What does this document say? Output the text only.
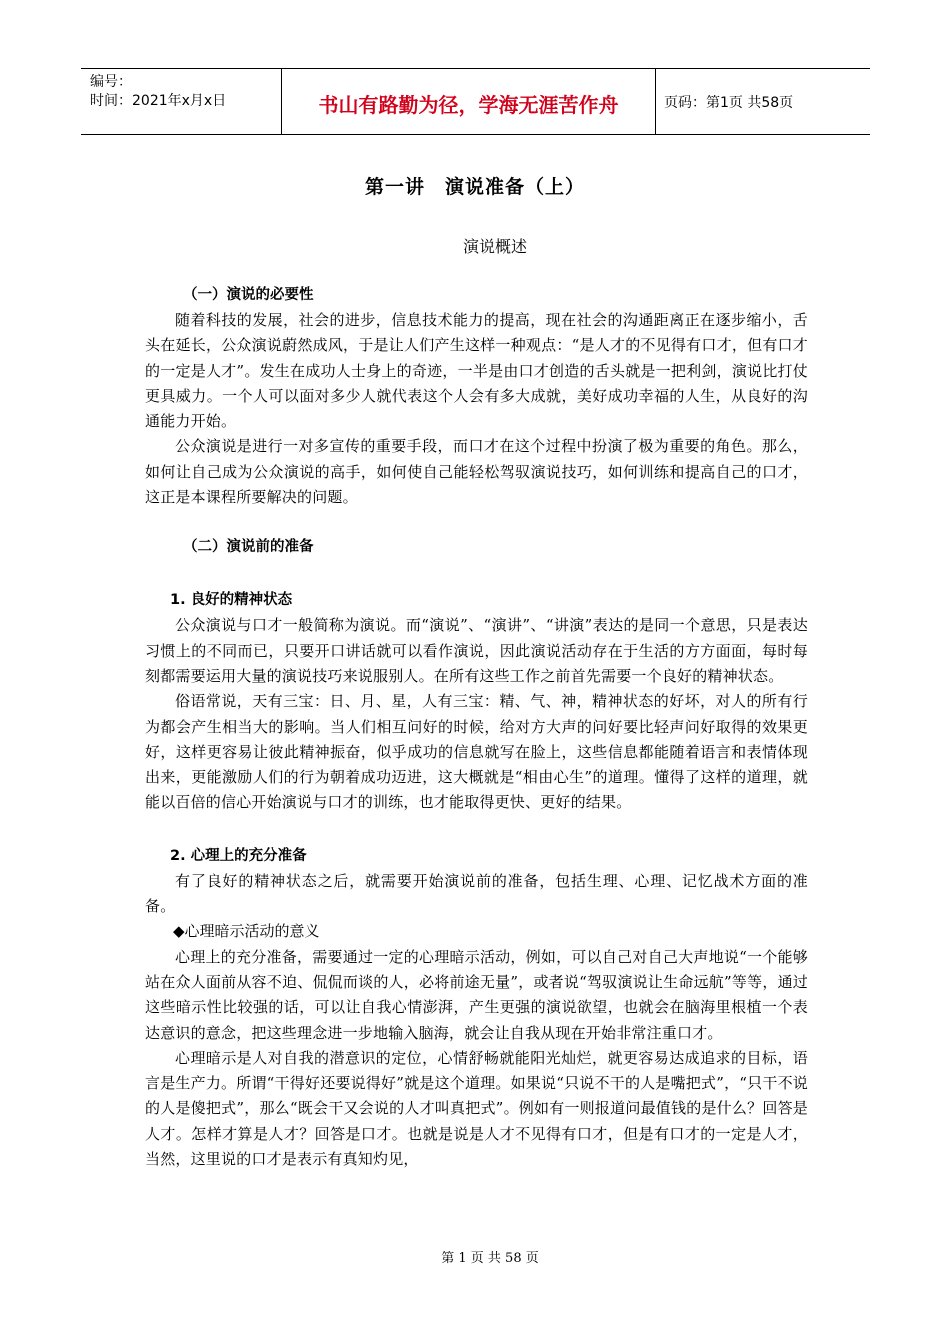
编号：
时间：2021年x月x日	书山有路勤为径，学海无涯苦作舟	页码：第1页 共58页
第一讲　演说准备（上）
演说概述

（一）演说的必要性

随着科技的发展，社会的进步，信息技术能力的提高，现在社会的沟通距离正在逐步缩小，舌头在延长，公众演说蔚然成风，于是让人们产生这样一种观点：“是人才的不见得有口才，但有口才的一定是人才”。发生在成功人士身上的奇迹，一半是由口才创造的舌头就是一把利剑，演说比打仗更具威力。一个人可以面对多少人就代表这个人会有多大成就，美好成功幸福的人生，从良好的沟通能力开始。

公众演说是进行一对多宣传的重要手段，而口才在这个过程中扮演了极为重要的角色。那么，如何让自己成为公众演说的高手，如何使自己能轻松驾驭演说技巧，如何训练和提高自己的口才，这正是本课程所要解决的问题。

（二）演说前的准备

1. 良好的精神状态

公众演说与口才一般简称为演说。而“演说”、“演讲”、“讲演”表达的是同一个意思，只是表达习惯上的不同而已，只要开口讲话就可以看作演说，因此演说活动存在于生活的方方面面，每时每刻都需要运用大量的演说技巧来说服别人。在所有这些工作之前首先需要一个良好的精神状态。

俗语常说，天有三宝：日、月、星，人有三宝：精、气、神，精神状态的好坏，对人的所有行为都会产生相当大的影响。当人们相互问好的时候，给对方大声的问好要比轻声问好取得的效果更好，这样更容易让彼此精神振奋，似乎成功的信息就写在脸上，这些信息都能随着语言和表情体现出来，更能激励人们的行为朝着成功迈进，这大概就是“相由心生”的道理。懂得了这样的道理，就能以百倍的信心开始演说与口才的训练，也才能取得更快、更好的结果。

2. 心理上的充分准备

有了良好的精神状态之后，就需要开始演说前的准备，包括生理、心理、记忆战术方面的准备。

◆心理暗示活动的意义

心理上的充分准备，需要通过一定的心理暗示活动，例如，可以自己对自己大声地说“一个能够站在众人面前从容不迫、侃侃而谈的人，必将前途无量”，或者说“驾驭演说让生命远航”等等，通过这些暗示性比较强的话，可以让自我心情澎湃，产生更强的演说欲望，也就会在脑海里根植一个表达意识的意念，把这些理念进一步地输入脑海，就会让自我从现在开始非常注重口才。

心理暗示是人对自我的潜意识的定位，心情舒畅就能阳光灿烂，就更容易达成追求的目标，语言是生产力。所谓“干得好还要说得好”就是这个道理。如果说“只说不干的人是嘴把式”，“只干不说的人是傻把式”，那么“既会干又会说的人才叫真把式”。例如有一则报道问最值钱的是什么？回答是人才。怎样才算是人才？回答是口才。也就是说是人才不见得有口才，但是有口才的一定是人才，当然，这里说的口才是表示有真知灼见，

第 1 页 共 58 页
